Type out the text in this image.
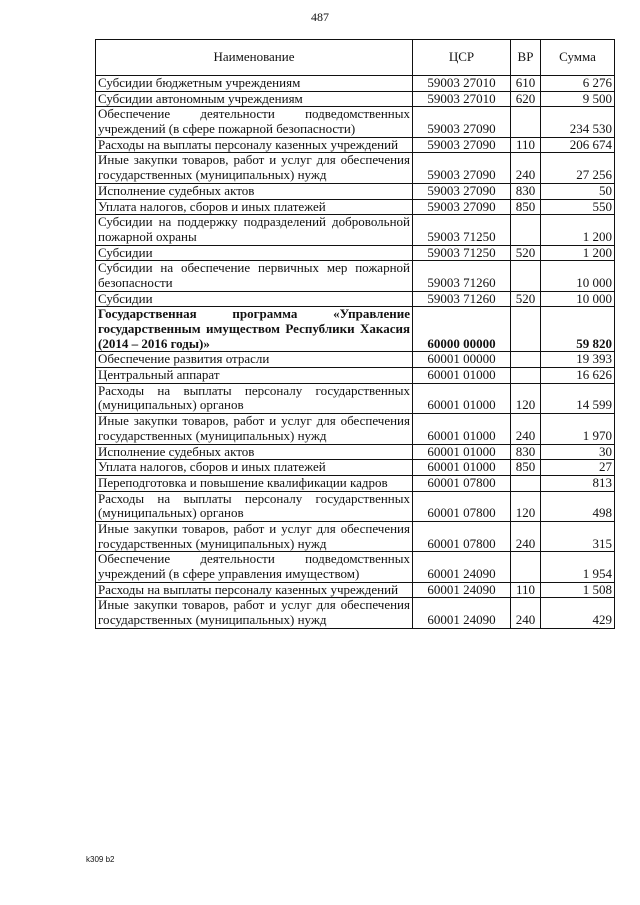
487
Наименование	ЦСР	ВР	Сумма
Субсидии бюджетным учреждениям	59003 27010	610	6 276
Субсидии автономным учреждениям	59003 27010	620	9 500
Обеспечение деятельности подведомственных учреждений (в сфере пожарной безопасности)	59003 27090		234 530
Расходы на выплаты персоналу казенных учреждений	59003 27090	110	206 674
Иные закупки товаров, работ и услуг для обеспечения государственных (муниципальных) нужд	59003 27090	240	27 256
Исполнение судебных актов	59003 27090	830	50
Уплата налогов, сборов и иных платежей	59003 27090	850	550
Субсидии на поддержку подразделений добровольной пожарной охраны	59003 71250		1 200
Субсидии	59003 71250	520	1 200
Субсидии на обеспечение первичных мер пожарной безопасности	59003 71260		10 000
Субсидии	59003 71260	520	10 000
Государственная программа «Управление государственным имуществом Республики Хакасия (2014 – 2016 годы)»	60000 00000		59 820
Обеспечение развития отрасли	60001 00000		19 393
Центральный аппарат	60001 01000		16 626
Расходы на выплаты персоналу государственных (муниципальных) органов	60001 01000	120	14 599
Иные закупки товаров, работ и услуг для обеспечения государственных (муниципальных) нужд	60001 01000	240	1 970
Исполнение судебных актов	60001 01000	830	30
Уплата налогов, сборов и иных платежей	60001 01000	850	27
Переподготовка и повышение квалификации кадров	60001 07800		813
Расходы на выплаты персоналу государственных (муниципальных) органов	60001 07800	120	498
Иные закупки товаров, работ и услуг для обеспечения государственных (муниципальных) нужд	60001 07800	240	315
Обеспечение деятельности подведомственных учреждений (в сфере управления имуществом)	60001 24090		1 954
Расходы на выплаты персоналу казенных учреждений	60001 24090	110	1 508
Иные закупки товаров, работ и услуг для обеспечения государственных (муниципальных) нужд	60001 24090	240	429
k309 b2
